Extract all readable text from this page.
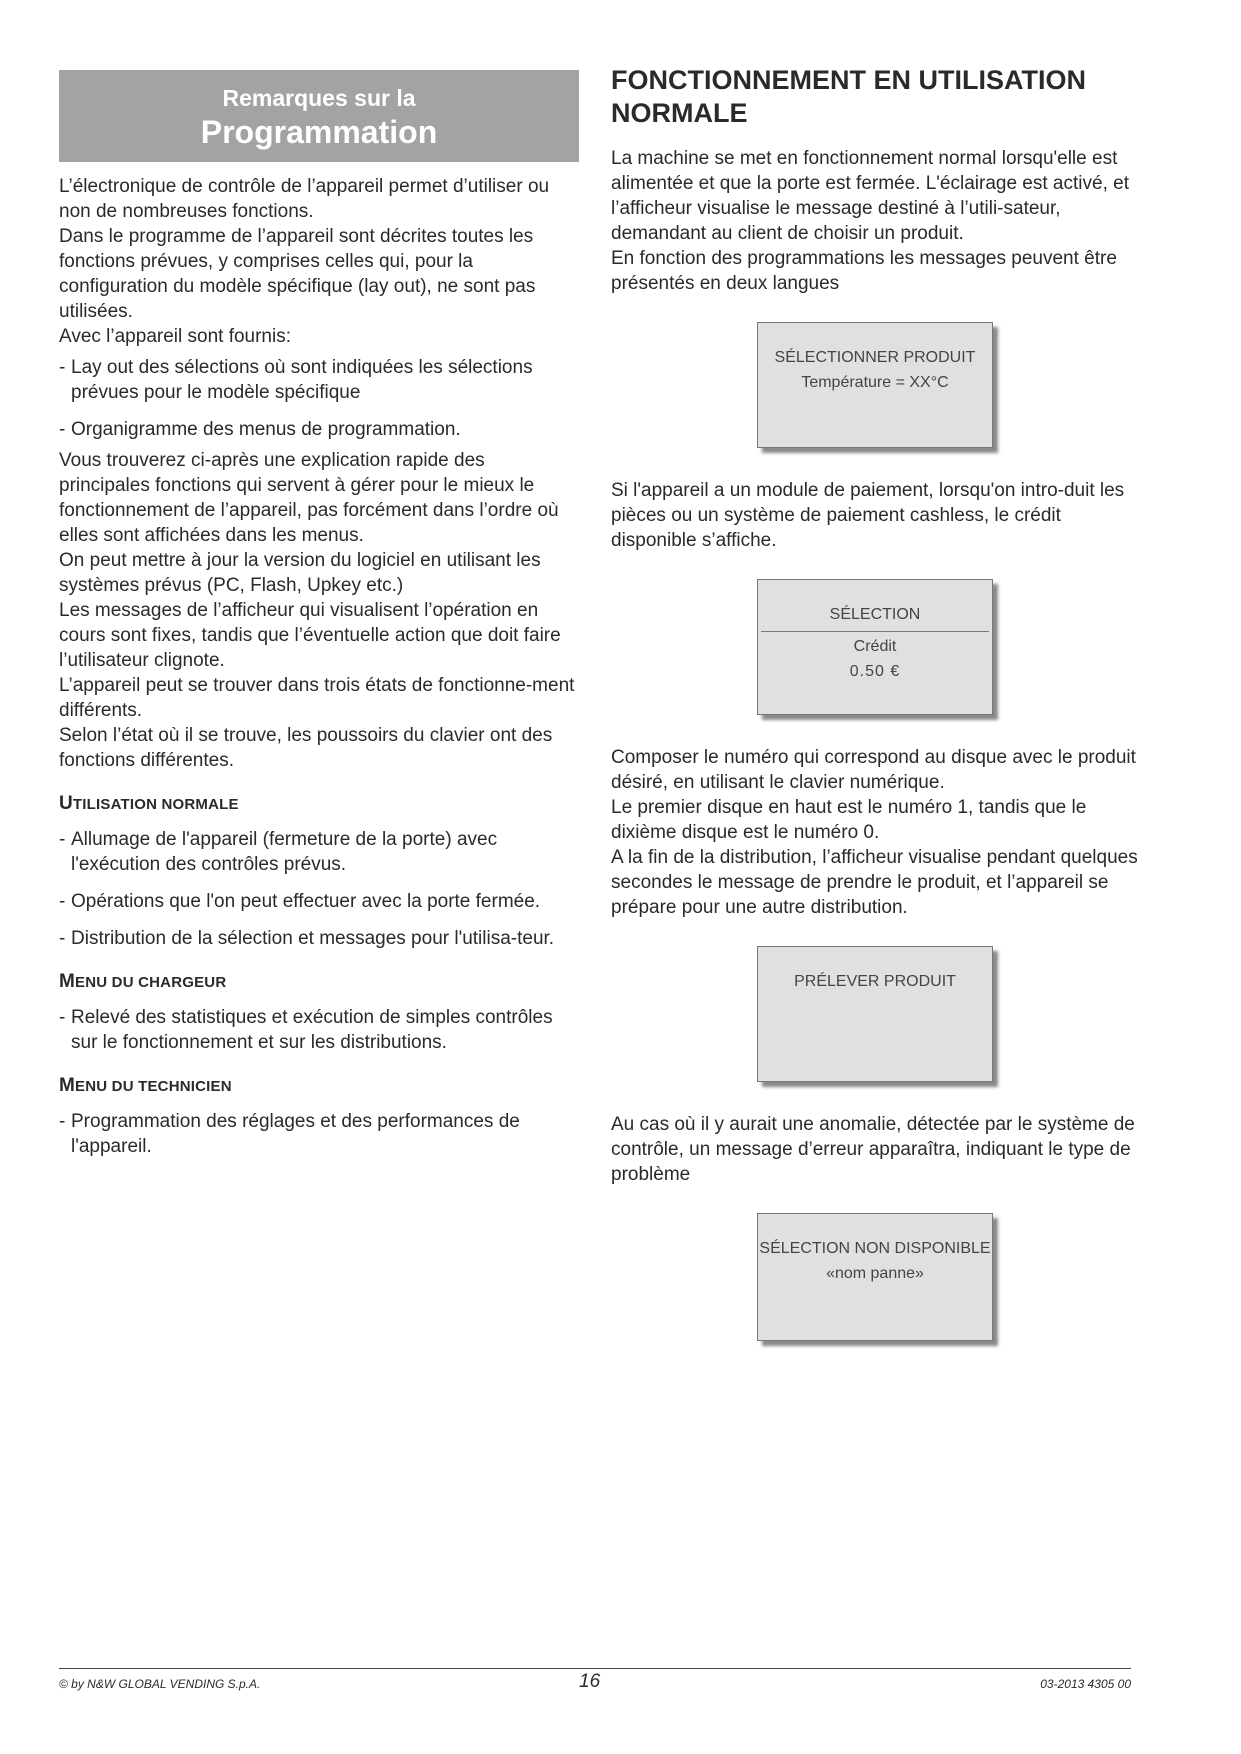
Remarques sur la
Programmation

L’électronique de contrôle de l’appareil permet d’utiliser ou non de nombreuses fonctions.

Dans le programme de l’appareil sont décrites toutes les fonctions prévues, y comprises celles qui, pour la configuration du modèle spécifique (lay out), ne sont pas utilisées.

Avec l’appareil sont fournis:

- Lay out des sélections où sont indiquées les sélections prévues pour le modèle spécifique
- Organigramme des menus de programmation.

Vous trouverez ci-après une explication rapide des principales fonctions qui servent à gérer pour le mieux le fonctionnement de l’appareil, pas forcément dans l’ordre où elles sont affichées dans les menus.

On peut mettre à jour la version du logiciel en utilisant les systèmes prévus (PC, Flash, Upkey etc.)

Les messages de l’afficheur qui visualisent l’opération en cours sont fixes, tandis que l’éventuelle action que doit faire l’utilisateur clignote.

L’appareil peut se trouver dans trois états de fonctionne-ment différents.

Selon l’état où il se trouve, les poussoirs du clavier ont des fonctions différentes.

UTILISATION NORMALE
- Allumage de l'appareil (fermeture de la porte) avec l'exécution des contrôles prévus.
- Opérations que l'on peut effectuer avec la porte fermée.
- Distribution de la sélection et messages pour l'utilisa-teur.
MENU DU CHARGEUR
- Relevé des statistiques et exécution de simples contrôles sur le fonctionnement et sur les distributions.
MENU DU TECHNICIEN
- Programmation des réglages et des performances de l'appareil.
FONCTIONNEMENT EN UTILISATION NORMALE

La machine se met en fonctionnement normal lorsqu'elle est alimentée et que la porte est fermée. L'éclairage est activé, et l’afficheur visualise le message destiné à l’utili-sateur, demandant au client de choisir un produit.

En fonction des programmations les messages peuvent être présentés en deux langues

SÉLECTIONNER PRODUIT
Température = XX°C

Si l'appareil a un module de paiement, lorsqu'on intro-duit les pièces ou un système de paiement cashless, le crédit disponible s’affiche.

SÉLECTION
Crédit
0.50 €

Composer le numéro qui correspond au disque avec le produit désiré, en utilisant le clavier numérique.

Le premier disque en haut est le numéro 1, tandis que le dixième disque est le numéro 0.

A la fin de la distribution, l’afficheur visualise pendant quelques secondes le message de prendre le produit, et l’appareil se prépare pour une autre distribution.

PRÉLEVER PRODUIT

Au cas où il y aurait une anomalie, détectée par le système de contrôle, un message d’erreur apparaîtra, indiquant le type de problème

SÉLECTION NON DISPONIBLE
«nom panne»
© by N&W GLOBAL VENDING S.p.A.	16	03-2013 4305 00
